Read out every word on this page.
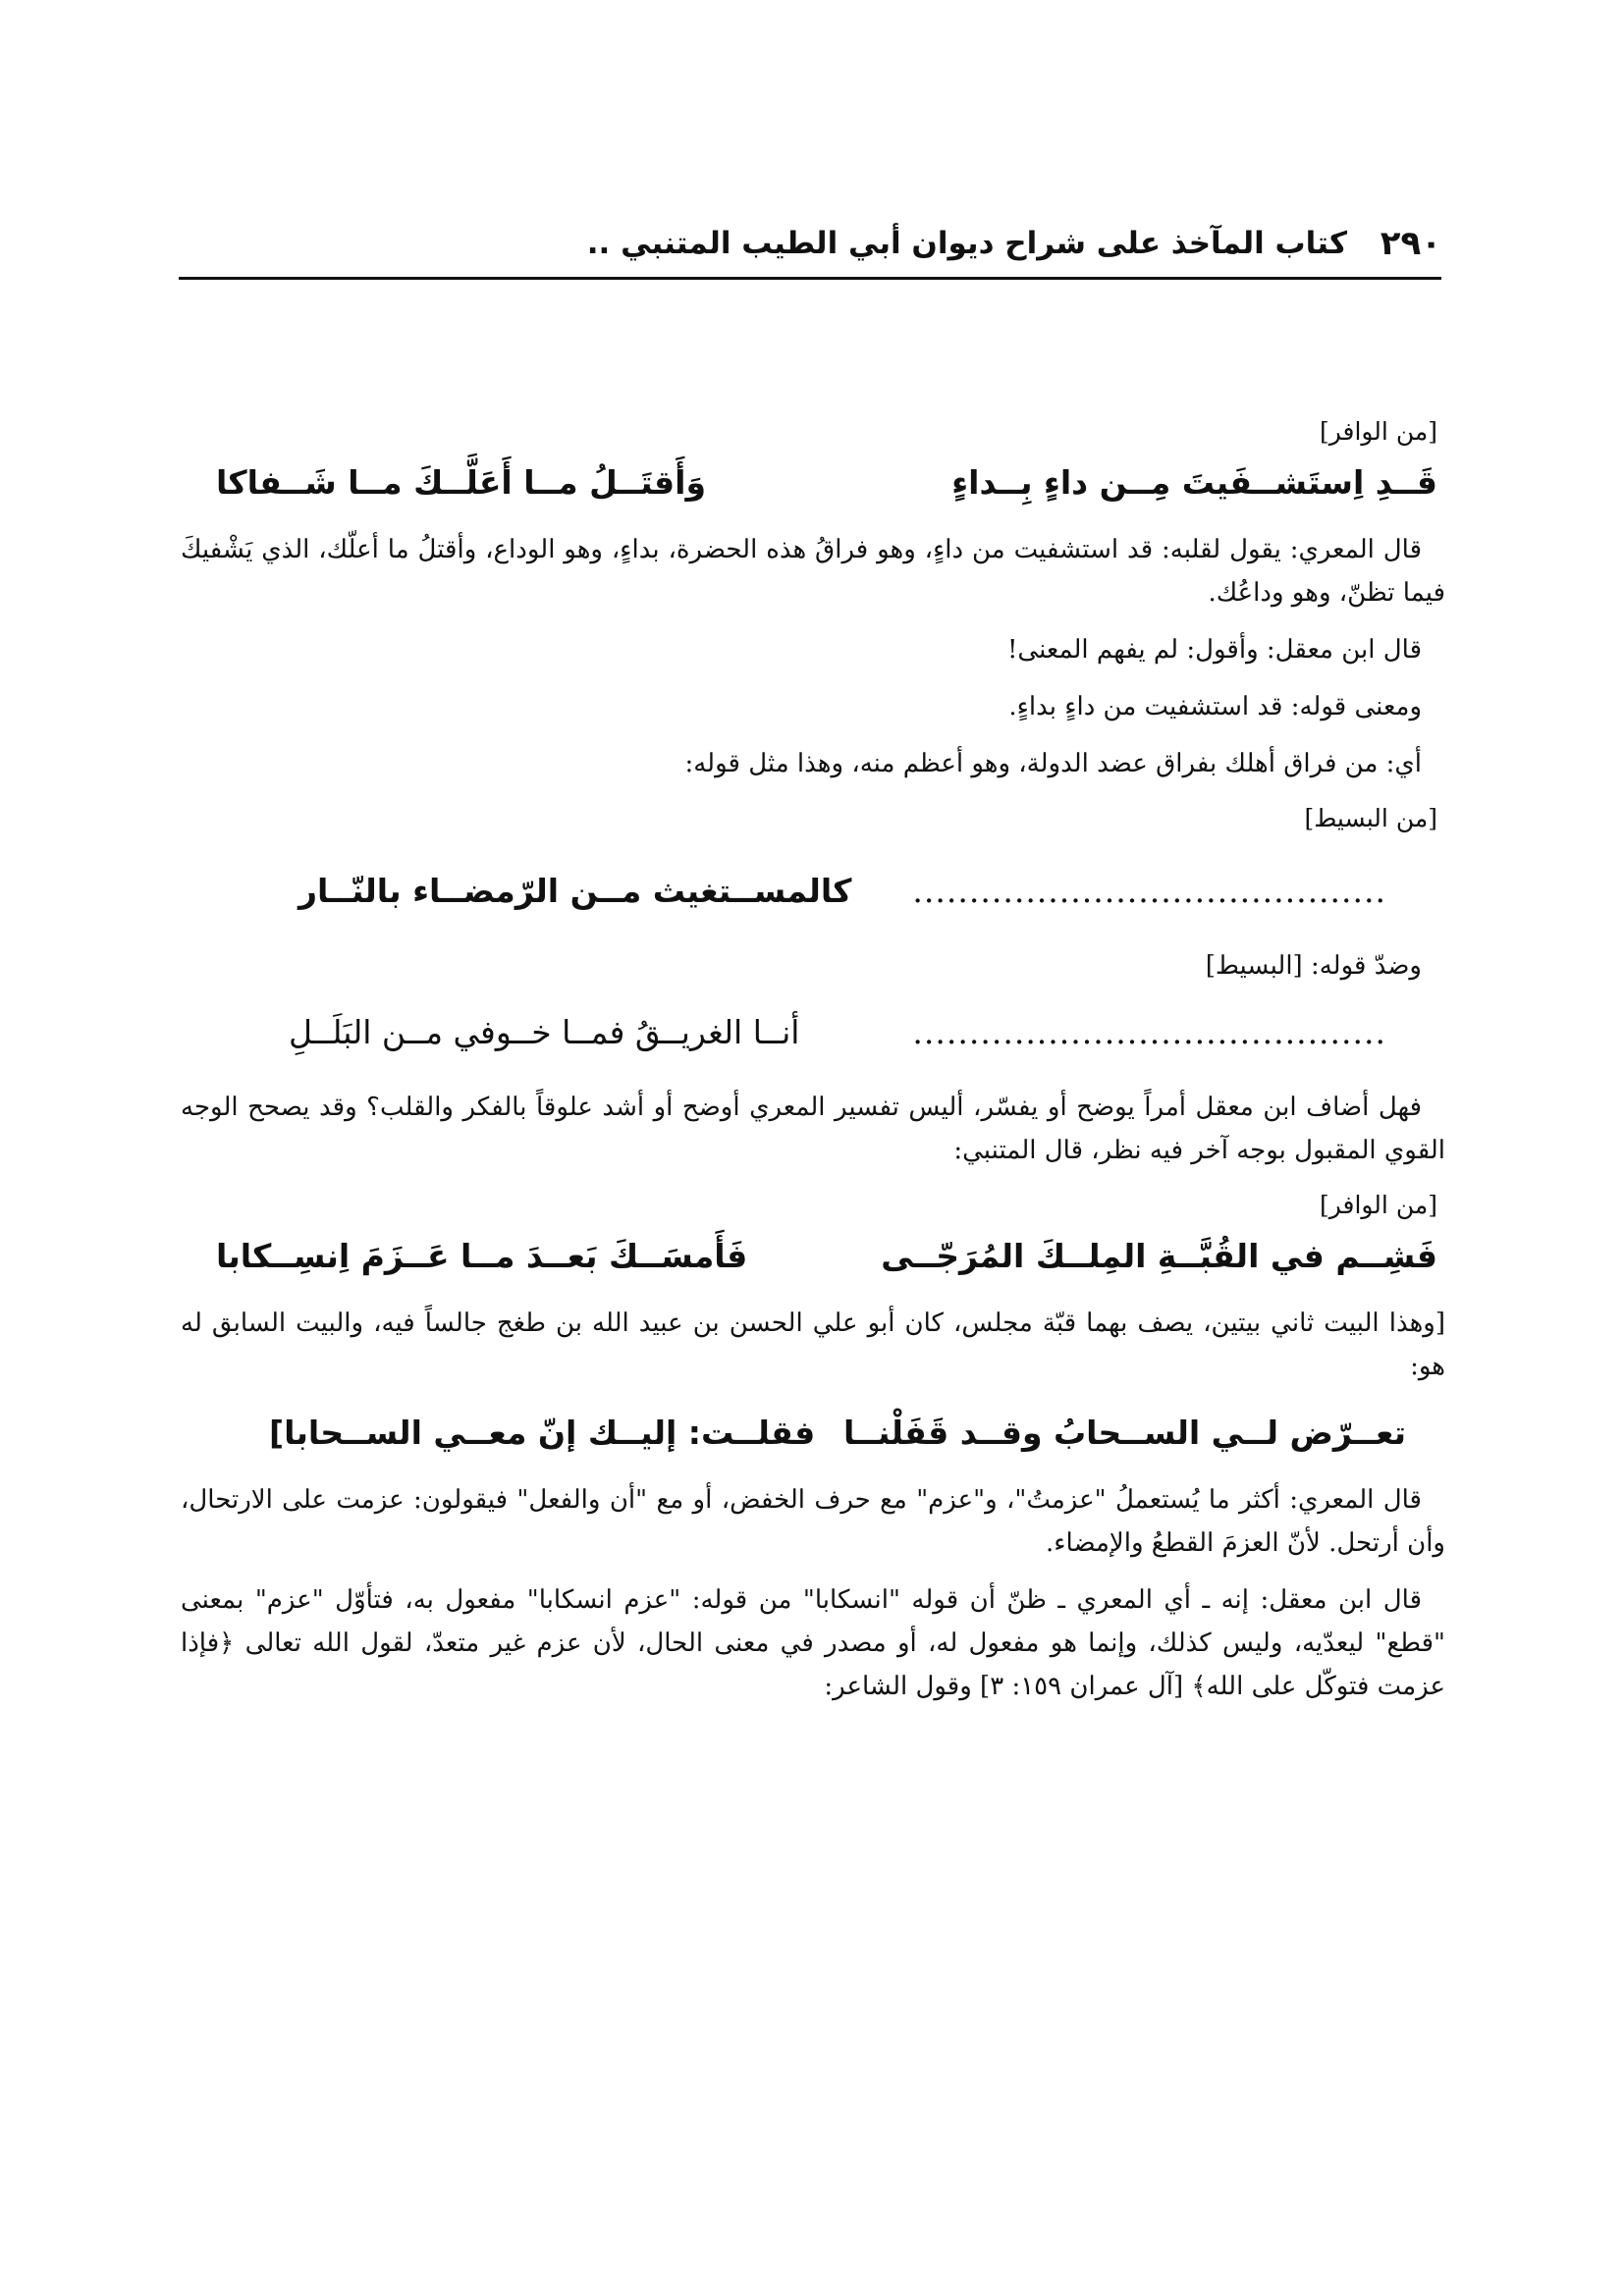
٢٩٠
كتاب المآخذ على شراح ديوان أبي الطيب المتنبي ..

[من الوافر]

قَــدِ اِستَشــفَيتَ مِــن داءٍ بِــداءٍ
وَأَقتَــلُ مــا أَعَلَّــكَ مــا شَــفاكا

قال المعري: يقول لقلبه: قد استشفيت من داءٍ، وهو فراقُ هذه الحضرة، بداءٍ، وهو الوداع، وأقتلُ ما أعلّك، الذي يَشْفيكَ فيما تظنّ، وهو وداعُك.

قال ابن معقل: وأقول: لم يفهم المعنى!

ومعنى قوله: قد استشفيت من داءٍ بداءٍ.

أي: من فراق أهلك بفراق عضد الدولة، وهو أعظم منه، وهذا مثل قوله:

[من البسيط]

..........................................
كالمســتغيث مــن الرّمضــاء بالنّــار

وضدّ قوله: [البسيط]

..........................................
أنــا الغريــقُ فمــا خــوفي مــن البَلَــلِ

فهل أضاف ابن معقل أمراً يوضح أو يفسّر، أليس تفسير المعري أوضح أو أشد علوقاً بالفكر والقلب؟ وقد يصحح الوجه القوي المقبول بوجه آخر فيه نظر، قال المتنبي:

[من الوافر]

فَشِــم في القُبَّــةِ المِلــكَ المُرَجّــى
فَأَمسَــكَ بَعــدَ مــا عَــزَمَ اِنسِــكابا

[وهذا البيت ثاني بيتين، يصف بهما قبّة مجلس، كان أبو علي الحسن بن عبيد الله بن طغج جالساً فيه، والبيت السابق له هو:

تعــرّض لــي الســحابُ وقــد قَفَلْنــا
فقلــت: إليــك إنّ معــي الســحابا]

قال المعري: أكثر ما يُستعملُ "عزمتُ"، و"عزم" مع حرف الخفض، أو مع "أن والفعل" فيقولون: عزمت على الارتحال، وأن أرتحل. لأنّ العزمَ القطعُ والإمضاء.

قال ابن معقل: إنه ـ أي المعري ـ ظنّ أن قوله "انسكابا" من قوله: "عزم انسكابا" مفعول به، فتأوّل "عزم" بمعنى "قطع" ليعدّيه، وليس كذلك، وإنما هو مفعول له، أو مصدر في معنى الحال، لأن عزم غير متعدّ، لقول الله تعالى ﴿فإذا عزمت فتوكّل على الله﴾ [آل عمران ١٥٩: ٣] وقول الشاعر:
